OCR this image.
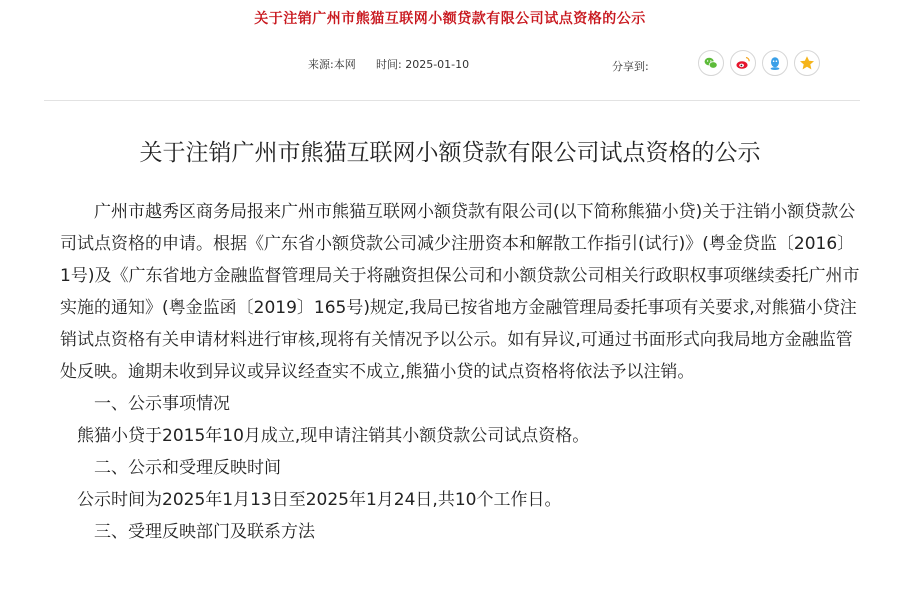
关于注销广州市熊猫互联网小额贷款有限公司试点资格的公示
来源:本网 时间: 2025-01-10	分享到:
关于注销广州市熊猫互联网小额贷款有限公司试点资格的公示

广州市越秀区商务局报来广州市熊猫互联网小额贷款有限公司(以下简称熊猫小贷)关于注销小额贷款公司试点资格的申请。根据《广东省小额贷款公司减少注册资本和解散工作指引(试行)》(粤金贷监〔2016〕1号)及《广东省地方金融监督管理局关于将融资担保公司和小额贷款公司相关行政职权事项继续委托广州市实施的通知》(粤金监函〔2019〕165号)规定,我局已按省地方金融管理局委托事项有关要求,对熊猫小贷注销试点资格有关申请材料进行审核,现将有关情况予以公示。如有异议,可通过书面形式向我局地方金融监管处反映。逾期未收到异议或异议经查实不成立,熊猫小贷的试点资格将依法予以注销。

一、公示事项情况

熊猫小贷于2015年10月成立,现申请注销其小额贷款公司试点资格。

二、公示和受理反映时间

公示时间为2025年1月13日至2025年1月24日,共10个工作日。

三、受理反映部门及联系方法
